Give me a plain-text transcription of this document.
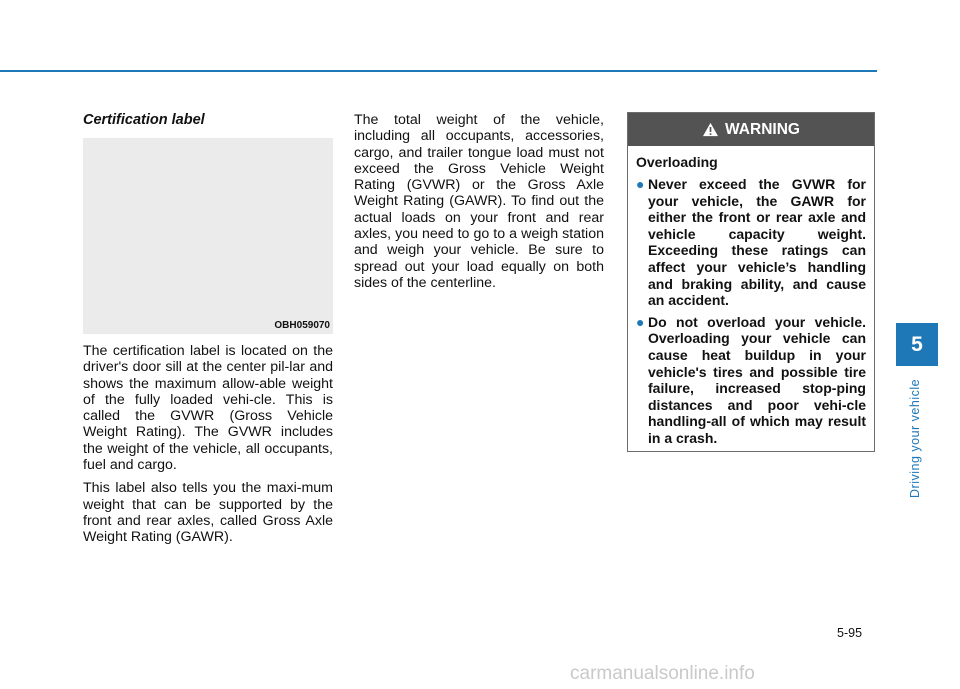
Certification label
OBH059070

The certification label is located on the driver's door sill at the center pil-lar and shows the maximum allow-able weight of the fully loaded vehi-cle. This is called the GVWR (Gross Vehicle Weight Rating). The GVWR includes the weight of the vehicle, all occupants, fuel and cargo.

This label also tells you the maxi-mum weight that can be supported by the front and rear axles, called Gross Axle Weight Rating (GAWR).

The total weight of the vehicle, including all occupants, accessories, cargo, and trailer tongue load must not exceed the Gross Vehicle Weight Rating (GVWR) or the Gross Axle Weight Rating (GAWR). To find out the actual loads on your front and rear axles, you need to go to a weigh station and weigh your vehicle. Be sure to spread out your load equally on both sides of the centerline.

WARNING

Overloading

● Never exceed the GVWR for your vehicle, the GAWR for either the front or rear axle and vehicle capacity weight. Exceeding these ratings can affect your vehicle’s handling and braking ability, and cause an accident.
● Do not overload your vehicle. Overloading your vehicle can cause heat buildup in your vehicle's tires and possible tire failure, increased stop-ping distances and poor vehi-cle handling-all of which may result in a crash.
5
Driving your vehicle
5-95
carmanualsonline.info
